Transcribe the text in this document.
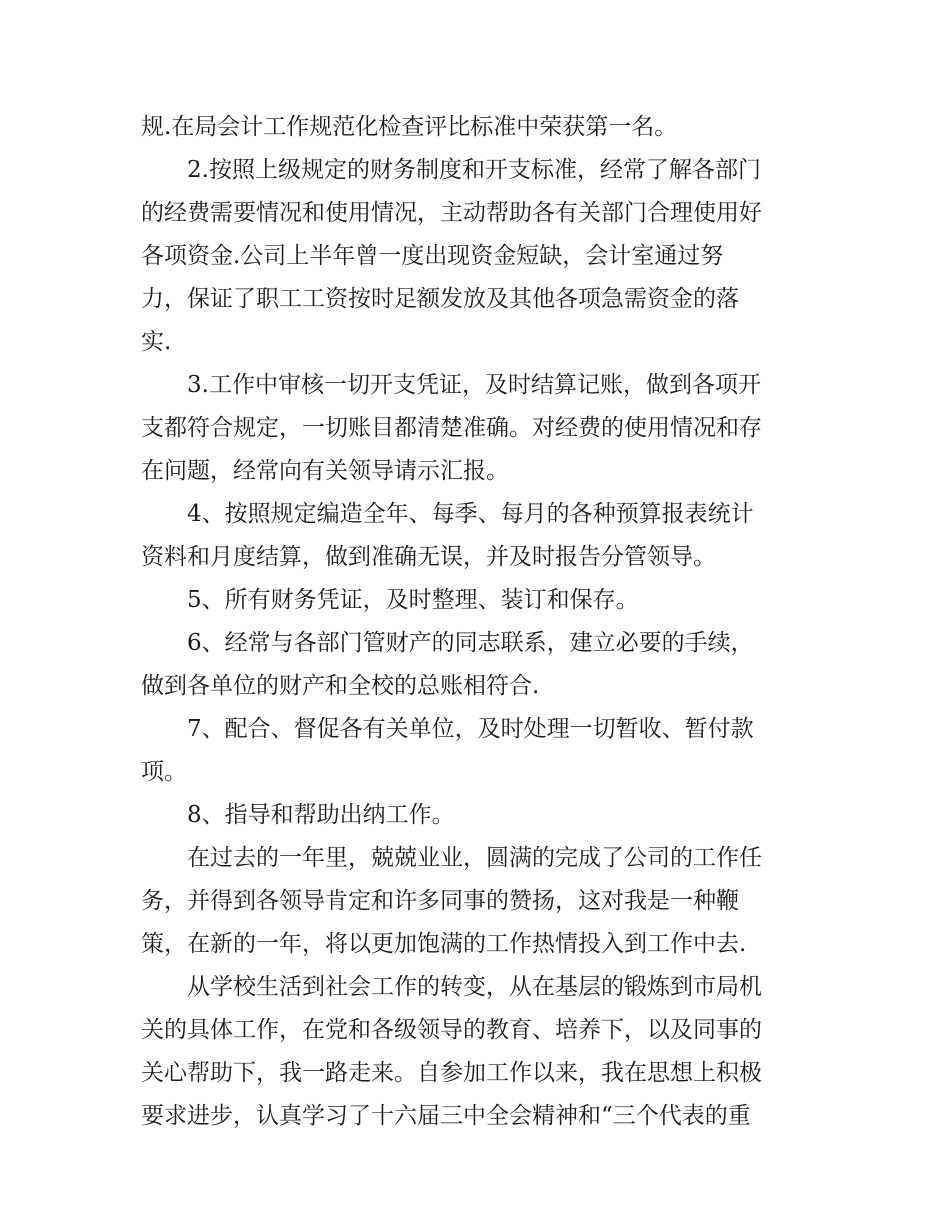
规.在局会计工作规范化检查评比标准中荣获第一名。
2.按照上级规定的财务制度和开支标准，经常了解各部门
的经费需要情况和使用情况，主动帮助各有关部门合理使用好
各项资金.公司上半年曾一度出现资金短缺，会计室通过努
力，保证了职工工资按时足额发放及其他各项急需资金的落
实.
3.工作中审核一切开支凭证，及时结算记账，做到各项开
支都符合规定，一切账目都清楚准确。对经费的使用情况和存
在问题，经常向有关领导请示汇报。
4、按照规定编造全年、每季、每月的各种预算报表统计
资料和月度结算，做到准确无误，并及时报告分管领导。
5、所有财务凭证，及时整理、装订和保存。
6、经常与各部门管财产的同志联系，建立必要的手续，
做到各单位的财产和全校的总账相符合.
7、配合、督促各有关单位，及时处理一切暂收、暂付款
项。
8、指导和帮助出纳工作。
在过去的一年里，兢兢业业，圆满的完成了公司的工作任
务，并得到各领导肯定和许多同事的赞扬，这对我是一种鞭
策，在新的一年，将以更加饱满的工作热情投入到工作中去.
从学校生活到社会工作的转变，从在基层的锻炼到市局机
关的具体工作，在党和各级领导的教育、培养下，以及同事的
关心帮助下，我一路走来。自参加工作以来，我在思想上积极
要求进步，认真学习了十六届三中全会精神和“三个代表的重
